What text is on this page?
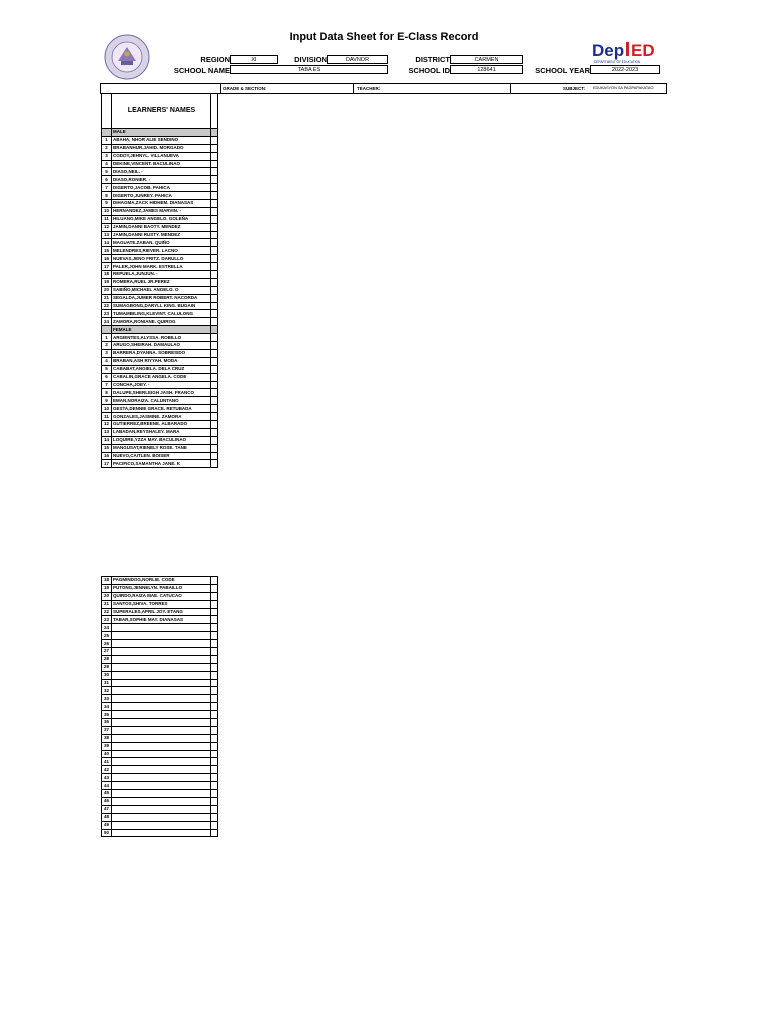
Input Data Sheet for E-Class Record
Dep ED
DEPARTMENT OF EDUCATION
REGION	XI	DIVISION	DAVNOR	DISTRICT	CARMEN
SCHOOL NAME	TABA ES	SCHOOL ID	128641	SCHOOL YEAR	2022-2023
GRADE & SECTION:	TEACHER:	SUBJECT: EDUKASYON SA PAGPAPAKATAO
	LEARNERS' NAMES	
	MALE	
1	ABAHA, NHOR ALIE SENDINO	
2	BRABANHUR,JAHID. MORGADO	
3	CODOY,JEHNYL. VILLANUEVA	
4	DEKINE,VINCENT. BACULINAO	
5	DIASO,NEIL. -	
6	DIASO,RONIER. -	
7	DIGERTO,JACOB. PAHICA	
8	DIGERTO,JUNREY. PAHICA	
9	DIHAGMA,ZACK HIDHEM. DIANASAS	
10	HERNANDEZ,JAMES MARVIN. -	
11	HILUANO,MIKE ANGELO. GOLEÑA	
12	JAMIN,DANNI BAOTY. MENDEZ	
13	JAMIN,DANNI RUSTY. MENDEZ	
14	MAGUATE,ZABAN. QUIÑO	
15	MELENDRES,RIEVER. LACNO	
16	NUEVAS,JENO FRITZ. DARULLO	
17	PALER,JOHN MARK. ESTRELLA	
18	REPUELA,JUNJUN. -	
19	ROMERA,RUEL JR.PEREZ	
20	SABIÑO,MICHAEL ANGELO. O	
21	SEGALDA,JUMER ROBERT. NACORDA	
22	SUMAGBONG,DARYLL KING. BUGAIN	
23	TUMAMBILING,KLEVINT. CALULONG	
24	ZAMORA,RONIANE. QUIROG	
	FEMALE	
1	ARGIENTES,ALYSSA. ROBILLO	
2	ARUGO,SHEIRAH. DAMAULAO	
3	BARRERA,DYANNA. SOBRESIDO	
4	BRABAN,ASH RIYYAH. MODA	
5	CABABAT,ANGIELA. DELA CRUZ	
6	CABALIN,GRACE ANGELA. CODE	
7	CONCHA,JOEY. -	
8	DALUPE,SHERLEIGH JASH. FRANCO	
9	EMAN,NORAIZA. CALUNTANO	
10	GESTA,DENNIE GRACE. RETUBADA	
11	GONZALES,JASMINE. ZAMORA	
12	GUTIERREZ,BREENE. ALBARADO	
13	LABADAN,REYSHALEY. MARA	
14	LOQUIRE,YZZA MAY. BACULINAO	
15	MANGUSAT,RIENELY ROSE. TANE	
16	NUEVO,CAITLEN. BOISER	
17	PACIFICO,SAMANTHA JANE. K	
18	PAGMINDOG,NORLIE. CODE	
19	PUTONG,JENNELYN. PABAILLO	
20	QUIRDO,RAIZA MAE. CATUCAO	
21	SANTOS,SHIVA. TORRES	
22	SUPERALES,APRIL JOY. ETANG	
23	TABAR,SOPHIE MAY. DIANASAS	
24		
25		
26		
27		
28		
29		
30		
31		
32		
33		
34		
35		
36		
37		
38		
39		
40		
41		
42		
43		
44		
45		
46		
47		
48		
49		
50		
